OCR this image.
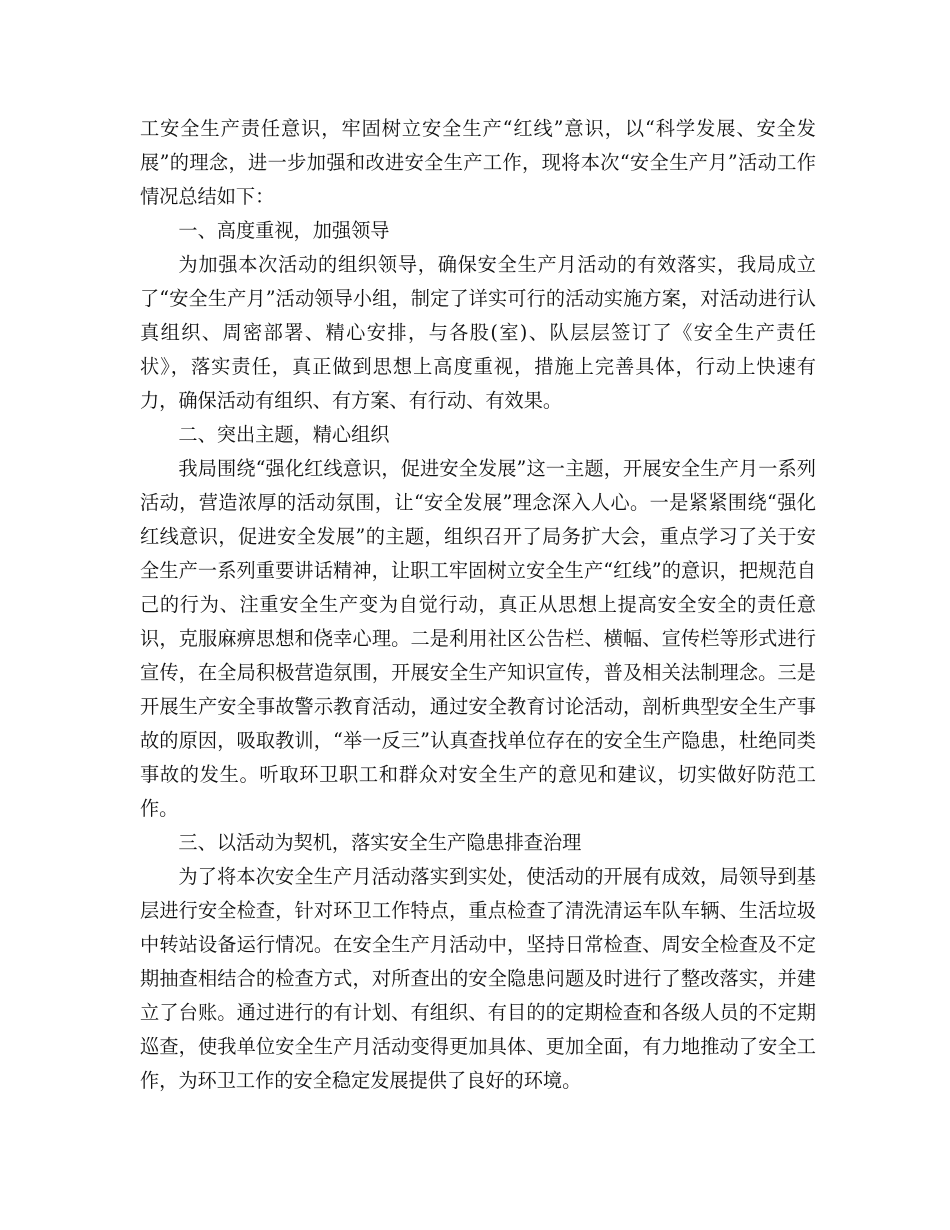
工安全生产责任意识，牢固树立安全生产“红线”意识，以“科学发展、安全发展”的理念，进一步加强和改进安全生产工作，现将本次“安全生产月”活动工作情况总结如下：

一、高度重视，加强领导

为加强本次活动的组织领导，确保安全生产月活动的有效落实，我局成立了“安全生产月”活动领导小组，制定了详实可行的活动实施方案，对活动进行认真组织、周密部署、精心安排，与各股(室)、队层层签订了《安全生产责任状》，落实责任，真正做到思想上高度重视，措施上完善具体，行动上快速有力，确保活动有组织、有方案、有行动、有效果。

二、突出主题，精心组织

我局围绕“强化红线意识，促进安全发展”这一主题，开展安全生产月一系列活动，营造浓厚的活动氛围，让“安全发展”理念深入人心。一是紧紧围绕“强化红线意识，促进安全发展”的主题，组织召开了局务扩大会，重点学习了关于安全生产一系列重要讲话精神，让职工牢固树立安全生产“红线”的意识，把规范自己的行为、注重安全生产变为自觉行动，真正从思想上提高安全安全的责任意识，克服麻痹思想和侥幸心理。二是利用社区公告栏、横幅、宣传栏等形式进行宣传，在全局积极营造氛围，开展安全生产知识宣传，普及相关法制理念。三是开展生产安全事故警示教育活动，通过安全教育讨论活动，剖析典型安全生产事故的原因，吸取教训，“举一反三”认真查找单位存在的安全生产隐患，杜绝同类事故的发生。听取环卫职工和群众对安全生产的意见和建议，切实做好防范工作。

三、以活动为契机，落实安全生产隐患排查治理

为了将本次安全生产月活动落实到实处，使活动的开展有成效，局领导到基层进行安全检查，针对环卫工作特点，重点检查了清洗清运车队车辆、生活垃圾中转站设备运行情况。在安全生产月活动中，坚持日常检查、周安全检查及不定期抽查相结合的检查方式，对所查出的安全隐患问题及时进行了整改落实，并建立了台账。通过进行的有计划、有组织、有目的的定期检查和各级人员的不定期巡查，使我单位安全生产月活动变得更加具体、更加全面，有力地推动了安全工作，为环卫工作的安全稳定发展提供了良好的环境。
